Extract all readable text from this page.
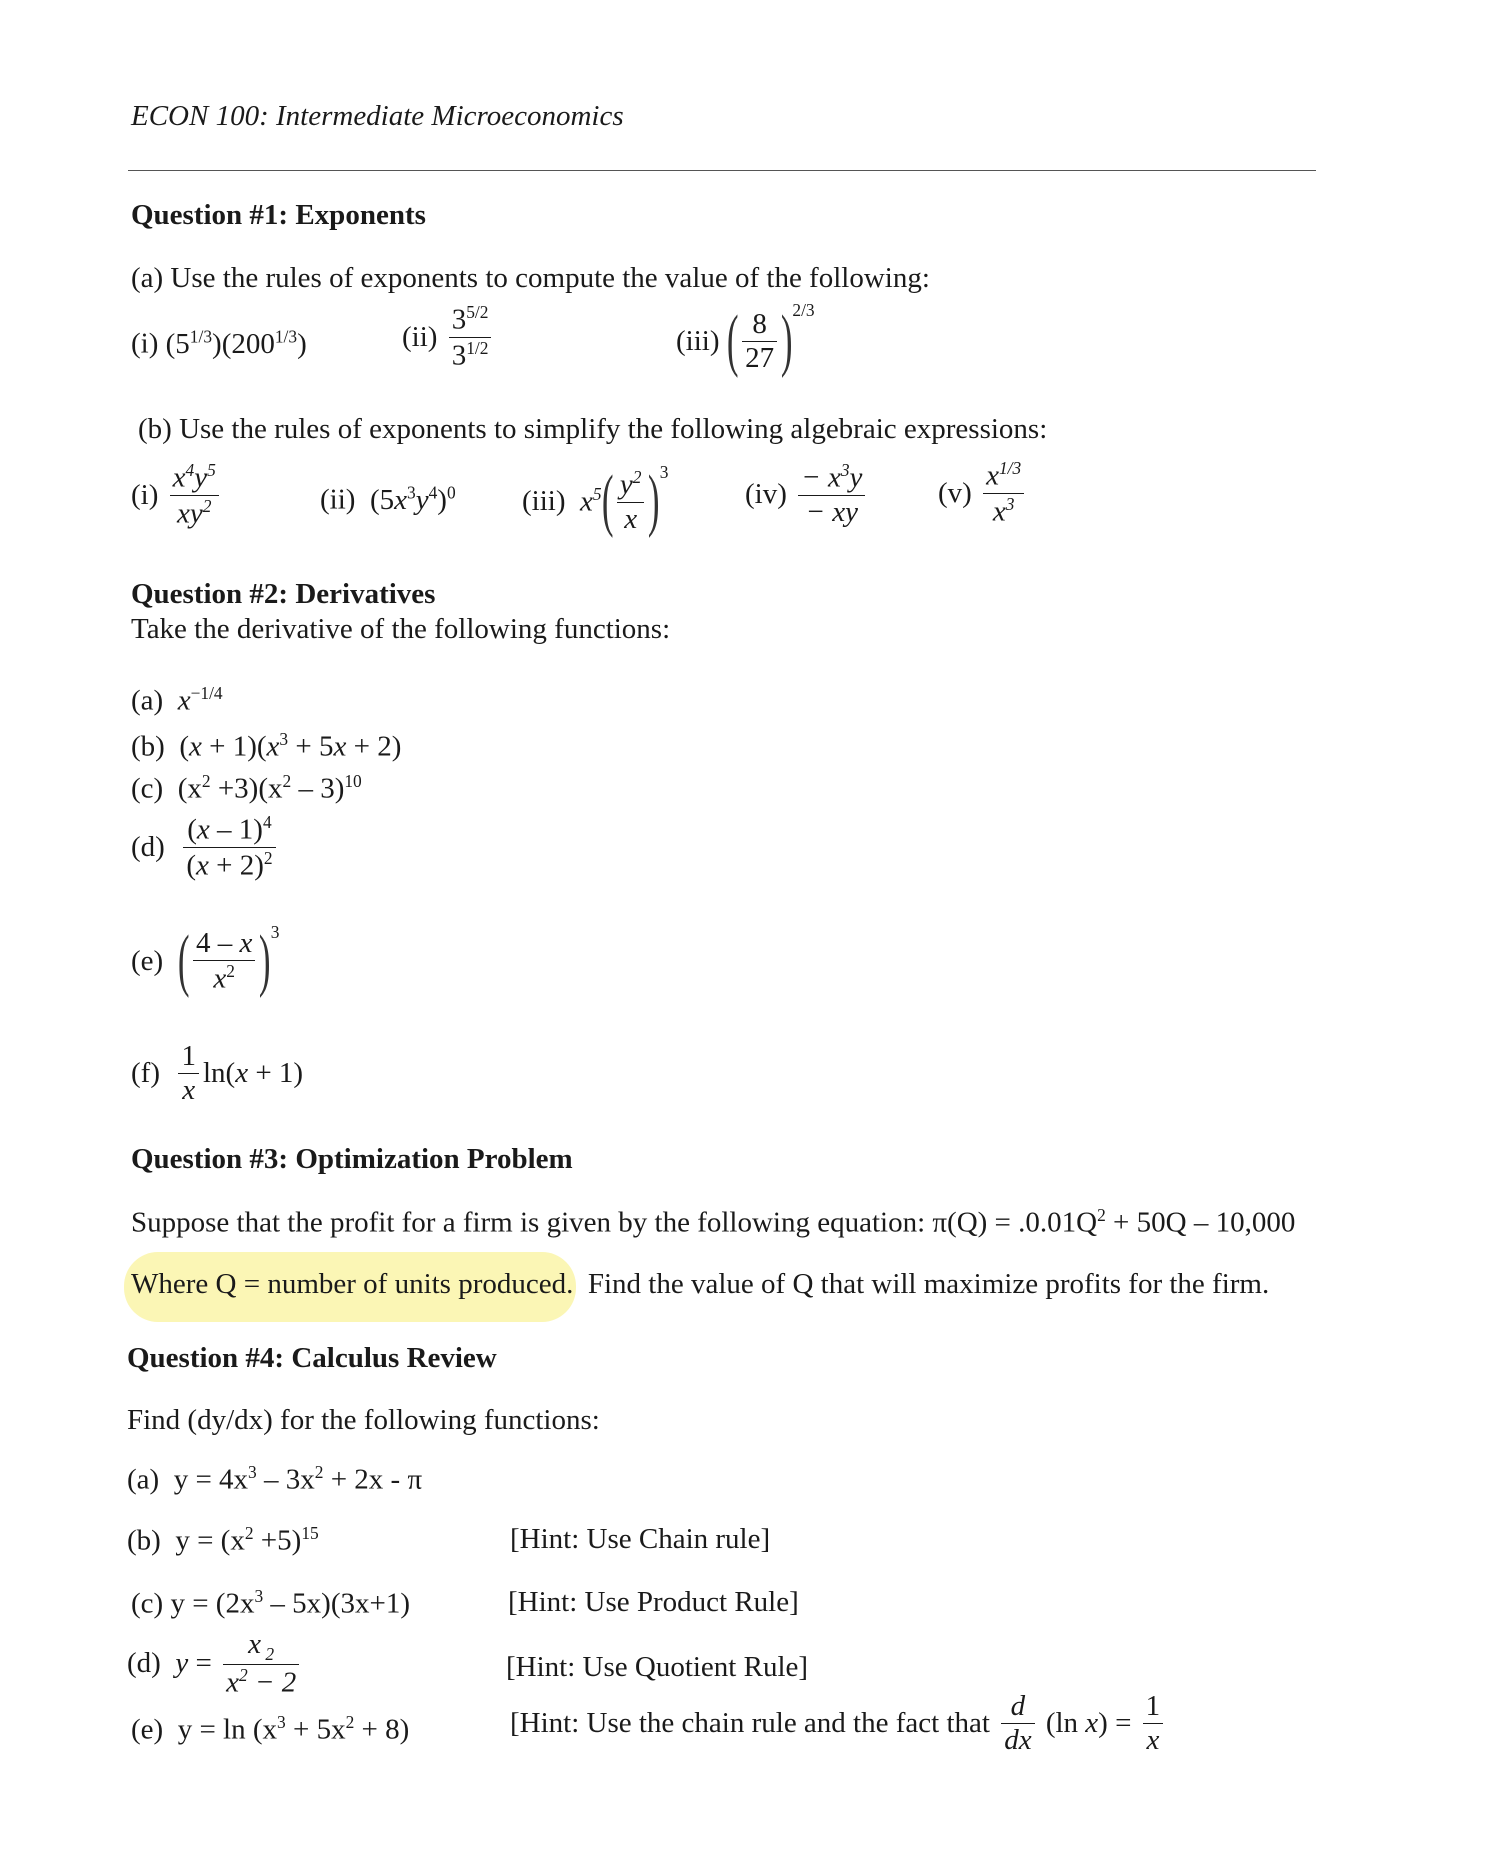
ECON 100: Intermediate Microeconomics
Question #1: Exponents
(a) Use the rules of exponents to compute the value of the following:
(i) $(5^{1/3})(200^{1/3})$	$(ii) \frac{3^{5/2}}{3^{1/2}}$	(iii) ( $\frac{8}{27} )^{2/3}$
(b) Use the rules of exponents to simplify the following algebraic expressions:
$(i) \frac{x^4y^5}{xy^2}$	(ii)  $(5x^3y^4)^0$ (iii)  $x^5( \frac{y^2}{x} )^3$
$(iv) \frac{- x^3y}{- xy}$	$(v) \frac{x^{1/3}}{x^3}$
Question #2: Derivatives
Take the derivative of the following functions:
(a) $x^{-1/4}$
(b)  $(x + 1)(x^3 + 5x + 2)$
(c)  $(x^2 +3)(x^2 - 3)^{10}$
$(d) \frac{(x - 1)^4}{(x + 2)^2}$
(e) ( $\frac{4 - x}{x^2} )^3$
$(f) \frac{1}{x} \ln(x + 1)$
Question #3: Optimization Problem
Suppose that the profit for a firm is given by the following equation: $\pi(Q) = .0.01Q^2 + 50Q - 10,000$
Where Q = number of units produced. Find the value of Q that will maximize profits for the firm.
Question #4: Calculus Review
Find (dy/dx) for the following functions:
(a)  $y = 4x^3 - 3x^2 + 2x - \pi$
(b)  $y = (x^2 +5)^{15}$	[Hint: Use Chain rule]
(c) $y = (2x^3 - 5x)(3x+1)$	[Hint: Use Product Rule]
(d) $y = \frac{x _2}{x^2 - 2}$	[Hint: Use Quotient Rule]
(e)  $y = \ln (x^3 + 5x^2 + 8)$	[Hint: Use the chain rule and the fact that $\frac{d}{dx} (\ln$ $x) = \frac{1}{x}$
